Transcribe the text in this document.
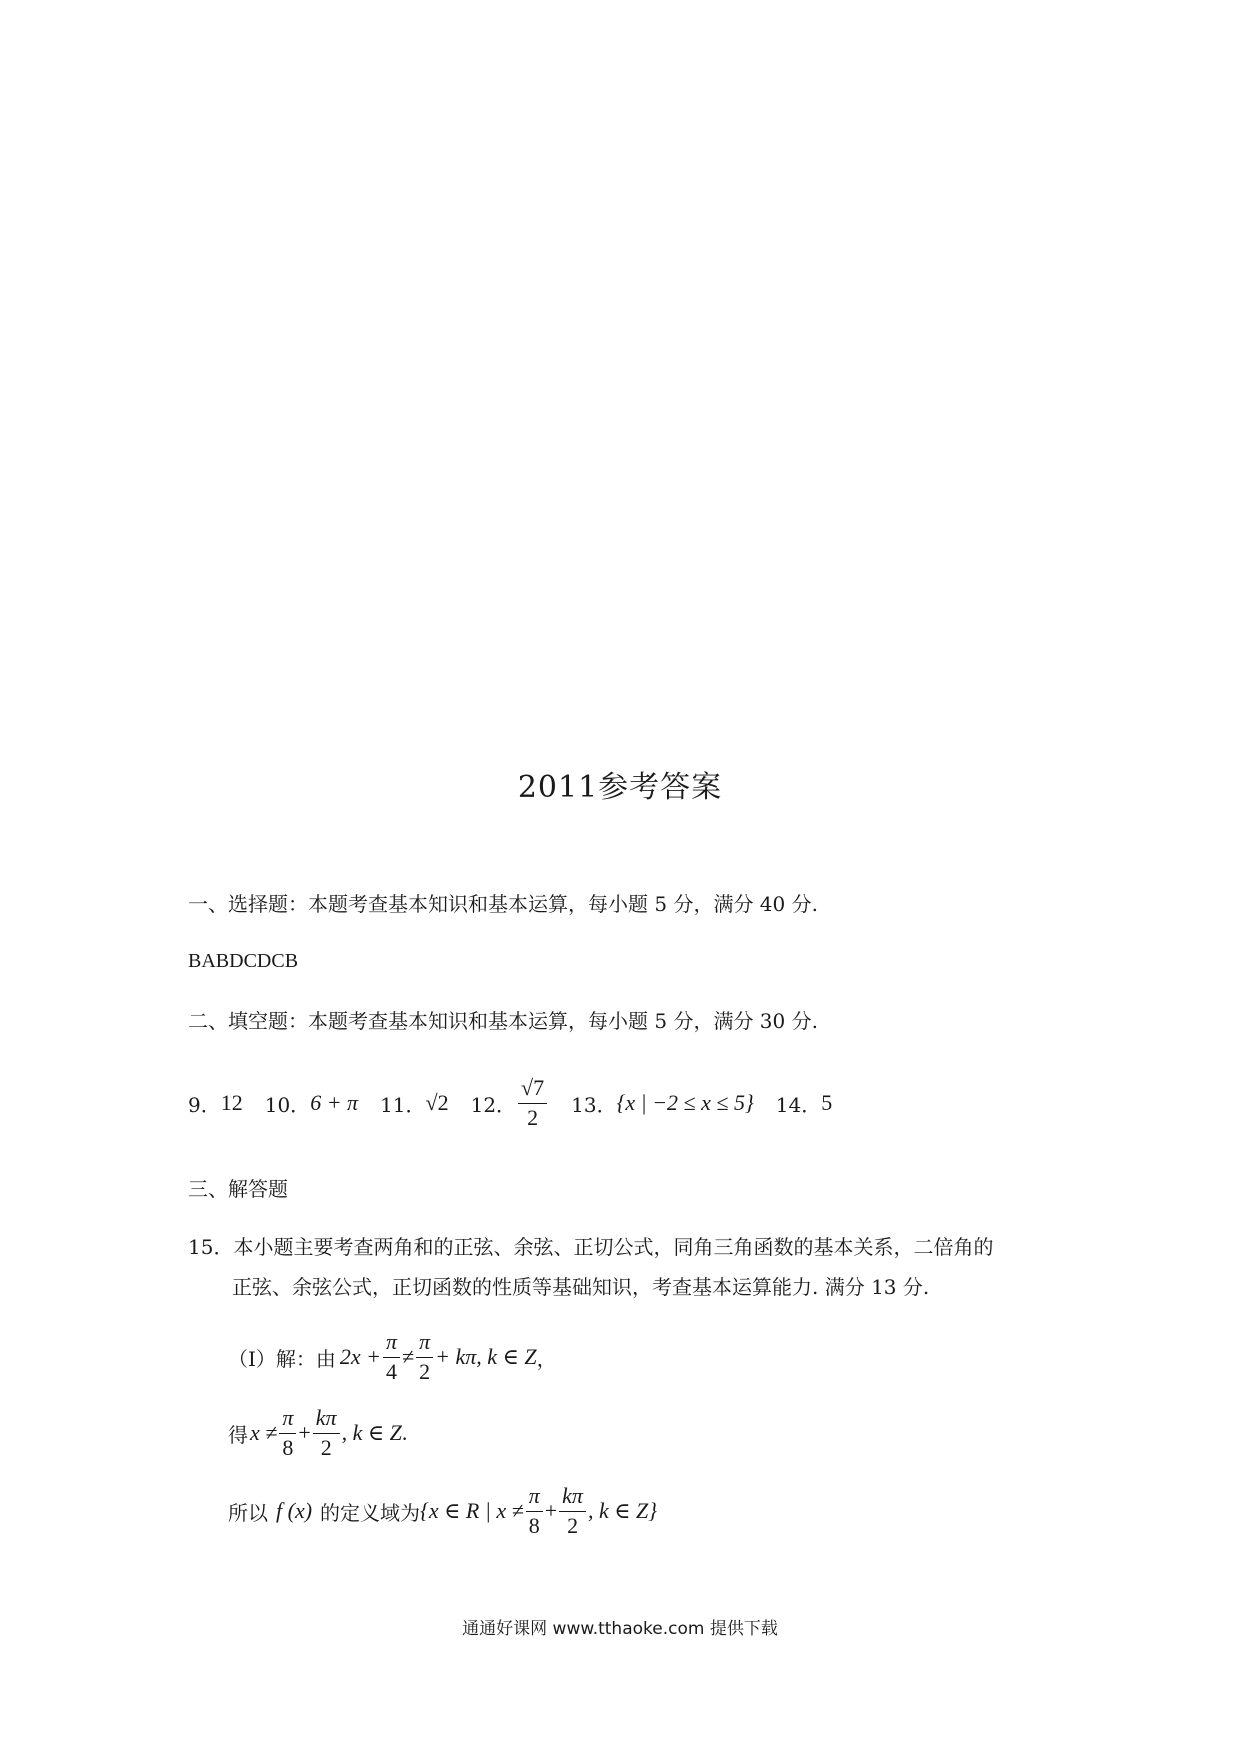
2011参考答案
一、选择题：本题考查基本知识和基本运算，每小题 5 分，满分 40 分.
BABDCDCB
二、填空题：本题考查基本知识和基本运算，每小题 5 分，满分 30 分.
9． 12 10． 6 + π 11． √2 12． $\frac{√7}{2} 13$． {x | −2 ≤ x ≤ 5} 14． 5
三、解答题
15．本小题主要考查两角和的正弦、余弦、正切公式，同角三角函数的基本关系，二倍角的
正弦、余弦公式，正切函数的性质等基础知识，考查基本运算能力. 满分 13 分.
（I）解：由 $2x + \frac{\pi}{4} \ne \frac{\pi}{2} + k\pi$, k ∈ Z ，
得 $x \ne \frac{\pi}{8} + \frac{k\pi}{2}$ , k ∈ Z .
所以 f (x) 的定义域为 {x ∈ R | $x \ne \frac{\pi}{8} + \frac{k\pi}{2}$ , k ∈ Z}
通通好课网 www.tthaoke.com 提供下载
